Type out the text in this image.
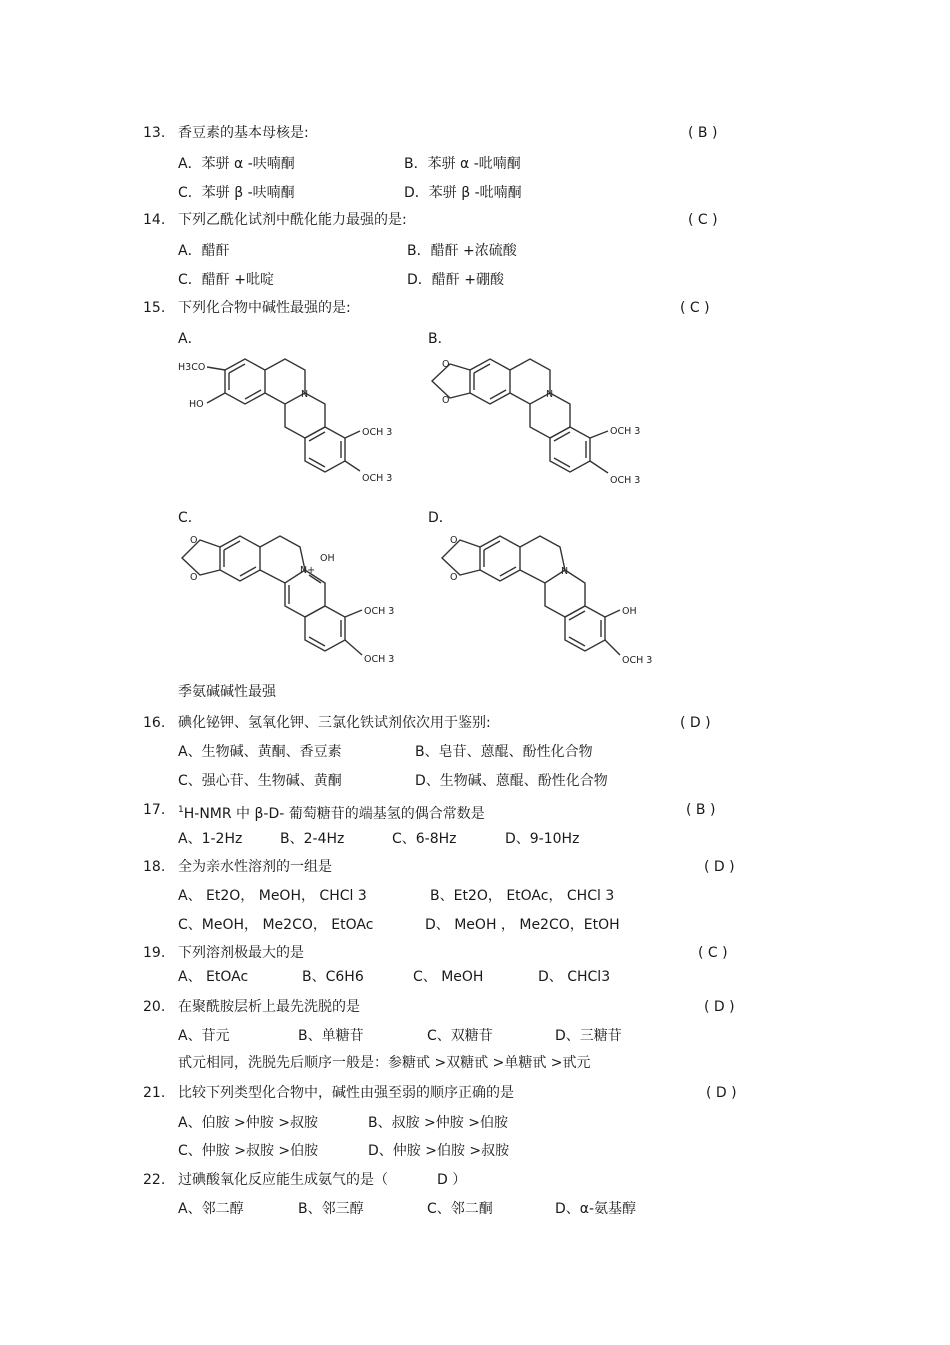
13. 香豆素的基本母核是:	( B )
A．苯骈 α -呋喃酮	B．苯骈 α -吡喃酮
C．苯骈 β -呋喃酮	D．苯骈 β -吡喃酮
14. 下列乙酰化试剂中酰化能力最强的是:	( C )
A．醋酐	B．醋酐 +浓硫酸
C．醋酐 +吡啶	D．醋酐 +硼酸
15. 下列化合物中碱性最强的是:	( C )
A．	B．
C．	D．
H3CO
HO
N
OCH 3
OCH 3
O
O
N
OCH 3
OCH 3
O
O
N+
OH
OCH 3
OCH 3
O
O
N
OH
OCH 3
季氨碱碱性最强
16. 碘化铋钾、氢氧化钾、三氯化铁试剂依次用于鉴别:	( D )
A、生物碱、黄酮、香豆素	B、皂苷、蒽醌、酚性化合物
C、强心苷、生物碱、黄酮	D、生物碱、蒽醌、酚性化合物
17. $^1$H-NMR 中 β-D- 葡萄糖苷的端基氢的偶合常数是	( B )
A、1-2Hz	B、2-4Hz	C、6-8Hz	D、9-10Hz
18. 全为亲水性溶剂的一组是	( D )
A、 Et2O， MeOH， CHCl 3	B、Et2O， EtOAc， CHCl 3
C、MeOH， Me2CO， EtOAc	D、 MeOH ， Me2CO，EtOH
19. 下列溶剂极最大的是	( C )
A、 EtOAc	B、C6H6	C、 MeOH	D、 CHCl3
20. 在聚酰胺层析上最先洗脱的是	( D )
A、苷元	B、单糖苷	C、双糖苷	D、三糖苷
甙元相同，洗脱先后顺序一般是：参糖甙 >双糖甙 >单糖甙 >甙元
21. 比较下列类型化合物中，碱性由强至弱的顺序正确的是	( D )
A、伯胺 >仲胺 >叔胺	B、叔胺 >仲胺 >伯胺
C、仲胺 >叔胺 >伯胺	D、仲胺 >伯胺 >叔胺
22. 过碘酸氧化反应能生成氨气的是（	D ）
A、邻二醇	B、邻三醇	C、邻二酮	D、α-氨基醇
